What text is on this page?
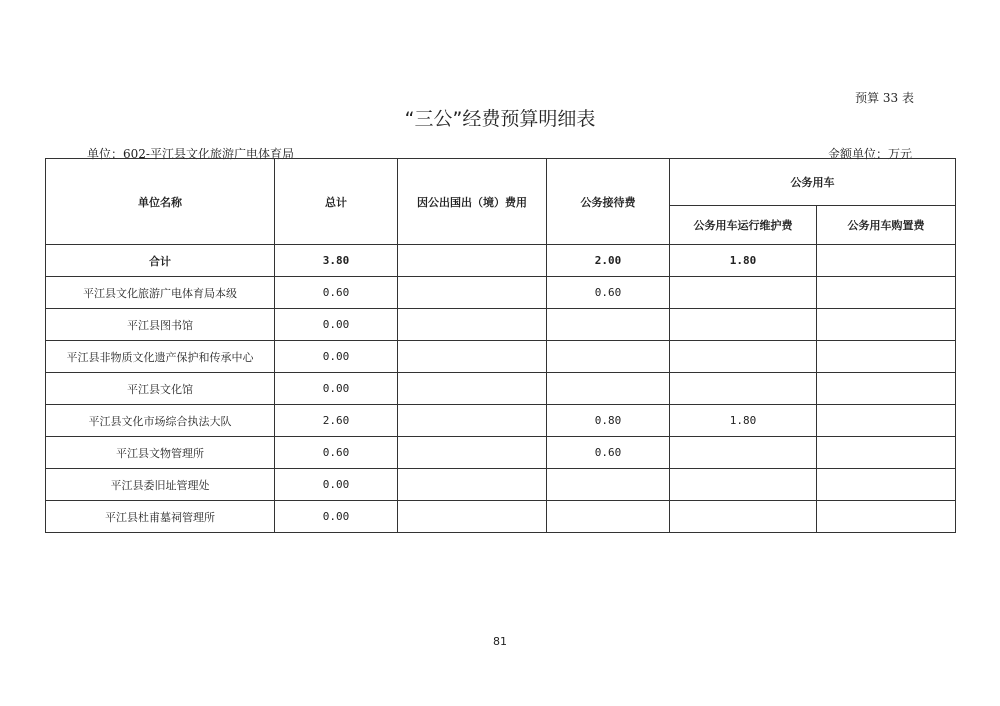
预算 33 表
“三公”经费预算明细表
单位：602-平江县文化旅游广电体育局	金额单位：万元
单位名称	总计	因公出国出（境）费用	公务接待费	公务用车	
				公务用车运行维护费	公务用车购置费
合计	3.80		2.00	1.80	
平江县文化旅游广电体育局本级	0.60		0.60		
平江县图书馆	0.00				
平江县非物质文化遗产保护和传承中心	0.00				
平江县文化馆	0.00				
平江县文化市场综合执法大队	2.60		0.80	1.80	
平江县文物管理所	0.60		0.60		
平江县委旧址管理处	0.00				
平江县杜甫墓祠管理所	0.00				
81
